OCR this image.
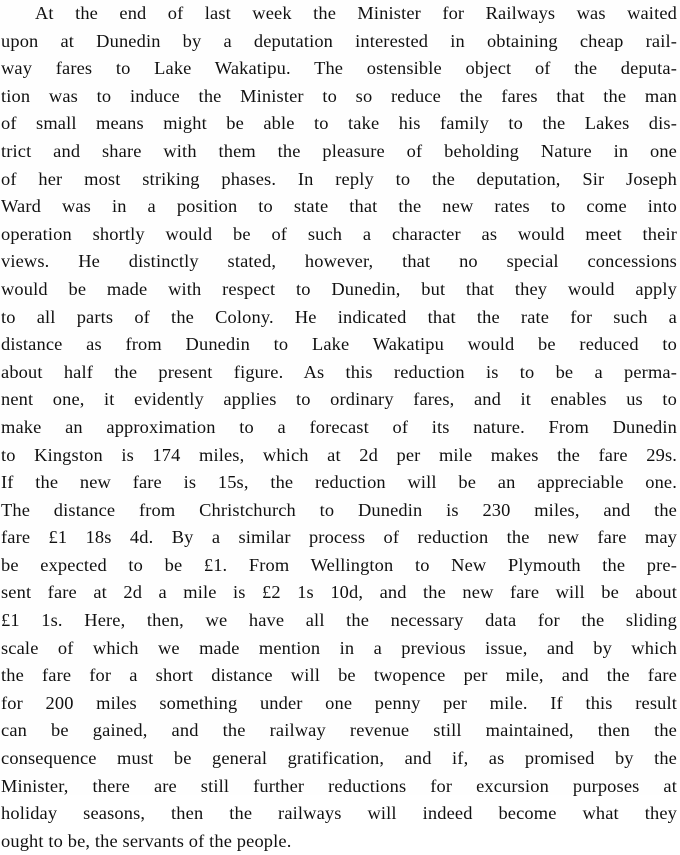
At the end of last week the Minister for Railways was waited
upon at Dunedin by a deputation interested in obtaining cheap rail-
way fares to Lake Wakatipu. The ostensible object of the deputa-
tion was to induce the Minister to so reduce the fares that the man
of small means might be able to take his family to the Lakes dis-
trict and share with them the pleasure of beholding Nature in one
of her most striking phases. In reply to the deputation, Sir Joseph
Ward was in a position to state that the new rates to come into
operation shortly would be of such a character as would meet their
views. He distinctly stated, however, that no special concessions
would be made with respect to Dunedin, but that they would apply
to all parts of the Colony. He indicated that the rate for such a
distance as from Dunedin to Lake Wakatipu would be reduced to
about half the present figure. As this reduction is to be a perma-
nent one, it evidently applies to ordinary fares, and it enables us to
make an approximation to a forecast of its nature. From Dunedin
to Kingston is 174 miles, which at 2d per mile makes the fare 29s.
If the new fare is 15s, the reduction will be an appreciable one.
The distance from Christchurch to Dunedin is 230 miles, and the
fare £1 18s 4d. By a similar process of reduction the new fare may
be expected to be £1. From Wellington to New Plymouth the pre-
sent fare at 2d a mile is £2 1s 10d, and the new fare will be about
£1 1s. Here, then, we have all the necessary data for the sliding
scale of which we made mention in a previous issue, and by which
the fare for a short distance will be twopence per mile, and the fare
for 200 miles something under one penny per mile. If this result
can be gained, and the railway revenue still maintained, then the
consequence must be general gratification, and if, as promised by the
Minister, there are still further reductions for excursion purposes at
holiday seasons, then the railways will indeed become what they
ought to be, the servants of the people.
